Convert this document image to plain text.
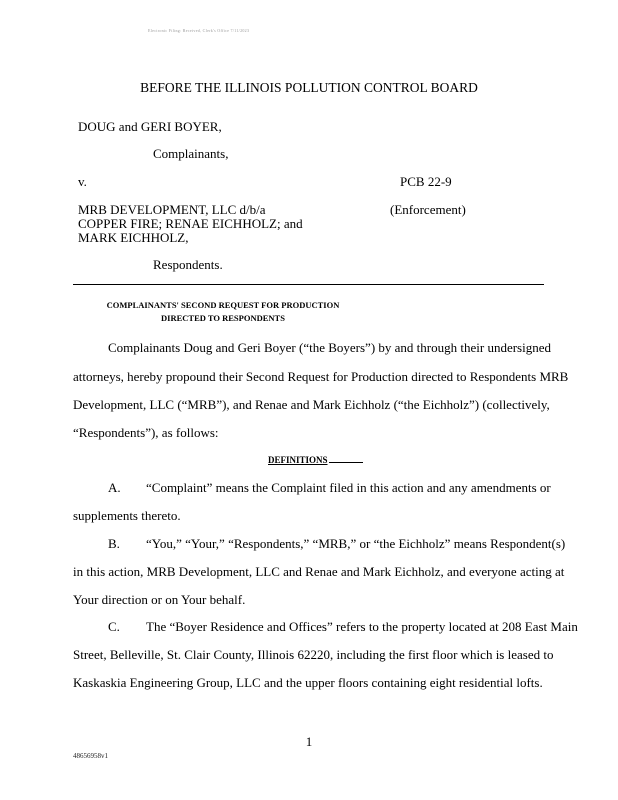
Electronic Filing: Received, Clerk's Office 7/11/2023
BEFORE THE ILLINOIS POLLUTION CONTROL BOARD
DOUG and GERI BOYER,
Complainants,
v.	PCB 22-9
MRB DEVELOPMENT, LLC d/b/a	(Enforcement)
COPPER FIRE; RENAE EICHHOLZ; and
MARK EICHHOLZ,
Respondents.
COMPLAINANTS' SECOND REQUEST FOR PRODUCTION DIRECTED TO RESPONDENTS
Complainants Doug and Geri Boyer (“the Boyers”) by and through their undersigned
attorneys, hereby propound their Second Request for Production directed to Respondents MRB
Development, LLC (“MRB”), and Renae and Mark Eichholz (“the Eichholz”) (collectively,
“Respondents”), as follows:
DEFINITIONS
A. “Complaint” means the Complaint filed in this action and any amendments or
supplements thereto.
B. “You,” “Your,” “Respondents,” “MRB,” or “the Eichholz” means Respondent(s)
in this action, MRB Development, LLC and Renae and Mark Eichholz, and everyone acting at
Your direction or on Your behalf.
C. The “Boyer Residence and Offices” refers to the property located at 208 East Main
Street, Belleville, St. Clair County, Illinois 62220, including the first floor which is leased to
Kaskaskia Engineering Group, LLC and the upper floors containing eight residential lofts.
1
48656958v1
